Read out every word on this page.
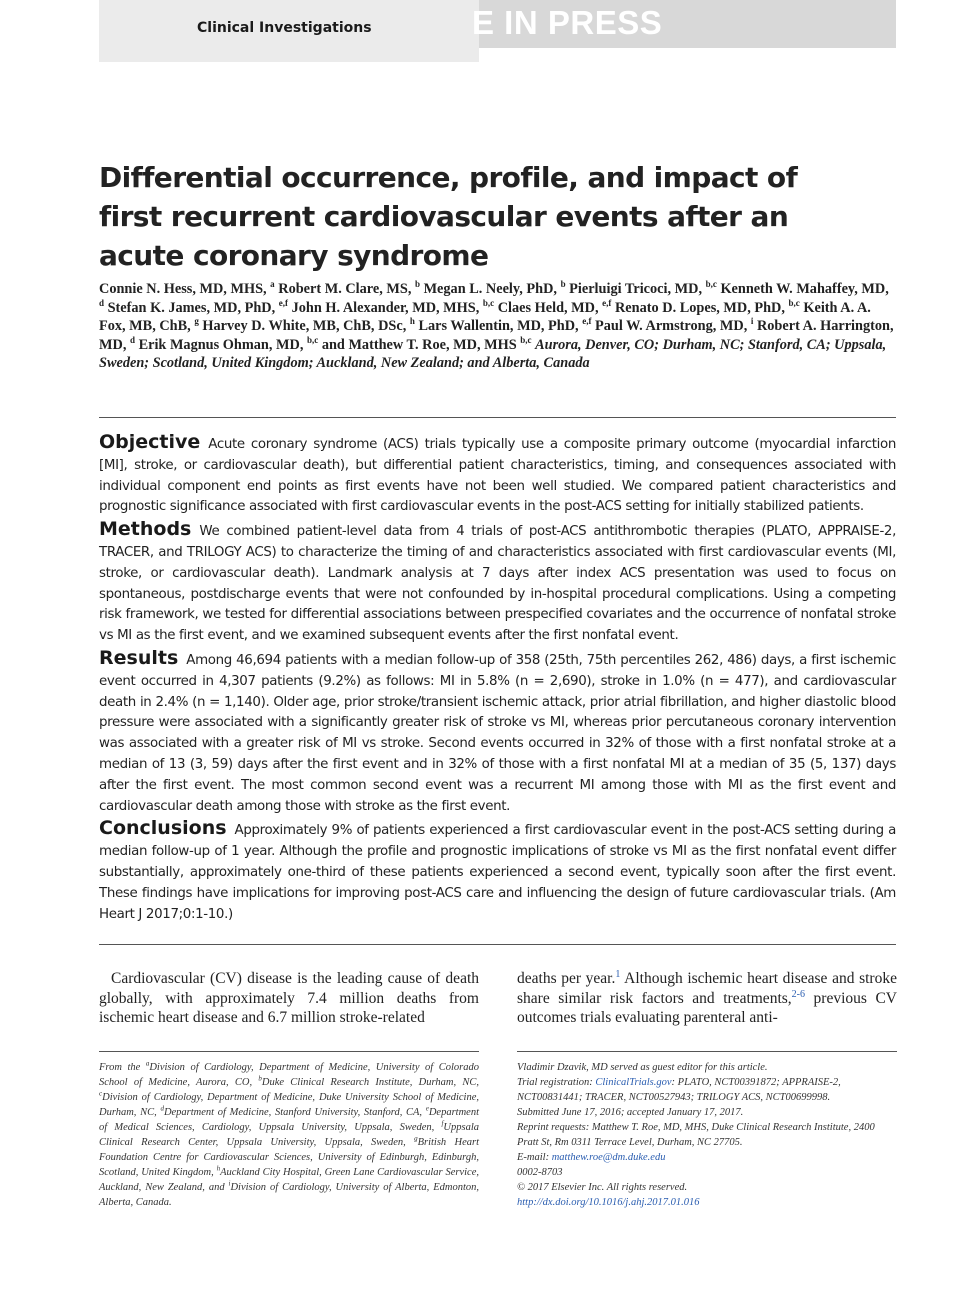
Clinical Investigations	E IN PRESS
Differential occurrence, profile, and impact of first recurrent cardiovascular events after an acute coronary syndrome
Connie N. Hess, MD, MHS, $^a$ Robert M. Clare, MS, $^b$ Megan L. Neely, PhD, $^b$ Pierluigi Tricoci, MD, $^{b,c}$ Kenneth W. Mahaffey, MD, $^d$ Stefan K. James, MD, PhD, $^{e,f}$ John H. Alexander, MD, MHS, $^{b,c}$ Claes Held, MD, $^{e,f}$ Renato D. Lopes, MD, PhD, $^{b,c}$ Keith A. A. Fox, MB, ChB, $^g$ Harvey D. White, MB, ChB, DSc, $^h$ Lars Wallentin, MD, PhD, $^{e,f}$ Paul W. Armstrong, MD, $^i$ Robert A. Harrington, MD, $^d$ Erik Magnus Ohman, MD, $^{b,c}$ and Matthew T. Roe, MD, MHS $^{b,c}$ Aurora, Denver, CO; Durham, NC; Stanford, CA; Uppsala, Sweden; Scotland, United Kingdom; Auckland, New Zealand; and Alberta, Canada

Objective Acute coronary syndrome (ACS) trials typically use a composite primary outcome (myocardial infarction [MI], stroke, or cardiovascular death), but differential patient characteristics, timing, and consequences associated with individual component end points as first events have not been well studied. We compared patient characteristics and prognostic significance associated with first cardiovascular events in the post-ACS setting for initially stabilized patients.

Methods We combined patient-level data from 4 trials of post-ACS antithrombotic therapies (PLATO, APPRAISE-2, TRACER, and TRILOGY ACS) to characterize the timing of and characteristics associated with first cardiovascular events (MI, stroke, or cardiovascular death). Landmark analysis at 7 days after index ACS presentation was used to focus on spontaneous, postdischarge events that were not confounded by in-hospital procedural complications. Using a competing risk framework, we tested for differential associations between prespecified covariates and the occurrence of nonfatal stroke vs MI as the first event, and we examined subsequent events after the first nonfatal event.

Results Among 46,694 patients with a median follow-up of 358 (25th, 75th percentiles 262, 486) days, a first ischemic event occurred in 4,307 patients (9.2%) as follows: MI in 5.8% (n = 2,690), stroke in 1.0% (n = 477), and cardiovascular death in 2.4% (n = 1,140). Older age, prior stroke/transient ischemic attack, prior atrial fibrillation, and higher diastolic blood pressure were associated with a significantly greater risk of stroke vs MI, whereas prior percutaneous coronary intervention was associated with a greater risk of MI vs stroke. Second events occurred in 32% of those with a first nonfatal stroke at a median of 13 (3, 59) days after the first event and in 32% of those with a first nonfatal MI at a median of 35 (5, 137) days after the first event. The most common second event was a recurrent MI among those with MI as the first event and cardiovascular death among those with stroke as the first event.

Conclusions Approximately 9% of patients experienced a first cardiovascular event in the post-ACS setting during a median follow-up of 1 year. Although the profile and prognostic implications of stroke vs MI as the first nonfatal event differ substantially, approximately one-third of these patients experienced a second event, typically soon after the first event. These findings have implications for improving post-ACS care and influencing the design of future cardiovascular trials. (Am Heart J 2017;0:1-10.)

Cardiovascular (CV) disease is the leading cause of death globally, with approximately 7.4 million deaths from ischemic heart disease and 6.7 million stroke-related
deaths per year.$^1$ Although ischemic heart disease and stroke share similar risk factors and treatments,$^{2-6}$ previous CV outcomes trials evaluating parenteral anti-
From the $^a$Division of Cardiology, Department of Medicine, University of Colorado School of Medicine, Aurora, CO, $^b$Duke Clinical Research Institute, Durham, NC, $^c$Division of Cardiology, Department of Medicine, Duke University School of Medicine, Durham, NC, $^d$Department of Medicine, Stanford University, Stanford, CA, $^e$Department of Medical Sciences, Cardiology, Uppsala University, Uppsala, Sweden, $^f$Uppsala Clinical Research Center, Uppsala University, Uppsala, Sweden, $^g$British Heart Foundation Centre for Cardiovascular Sciences, University of Edinburgh, Edinburgh, Scotland, United Kingdom, $^h$Auckland City Hospital, Green Lane Cardiovascular Service, Auckland, New Zealand, and $^i$Division of Cardiology, University of Alberta, Edmonton, Alberta, Canada.
Vladimir Dzavik, MD served as guest editor for this article.
Trial registration: ClinicalTrials.gov: PLATO, NCT00391872; APPRAISE-2, NCT00831441; TRACER, NCT00527943; TRILOGY ACS, NCT00699998.
Submitted June 17, 2016; accepted January 17, 2017.
Reprint requests: Matthew T. Roe, MD, MHS, Duke Clinical Research Institute, 2400 Pratt St, Rm 0311 Terrace Level, Durham, NC 27705.
E-mail: matthew.roe@dm.duke.edu
0002-8703
© 2017 Elsevier Inc. All rights reserved.
http://dx.doi.org/10.1016/j.ahj.2017.01.016
